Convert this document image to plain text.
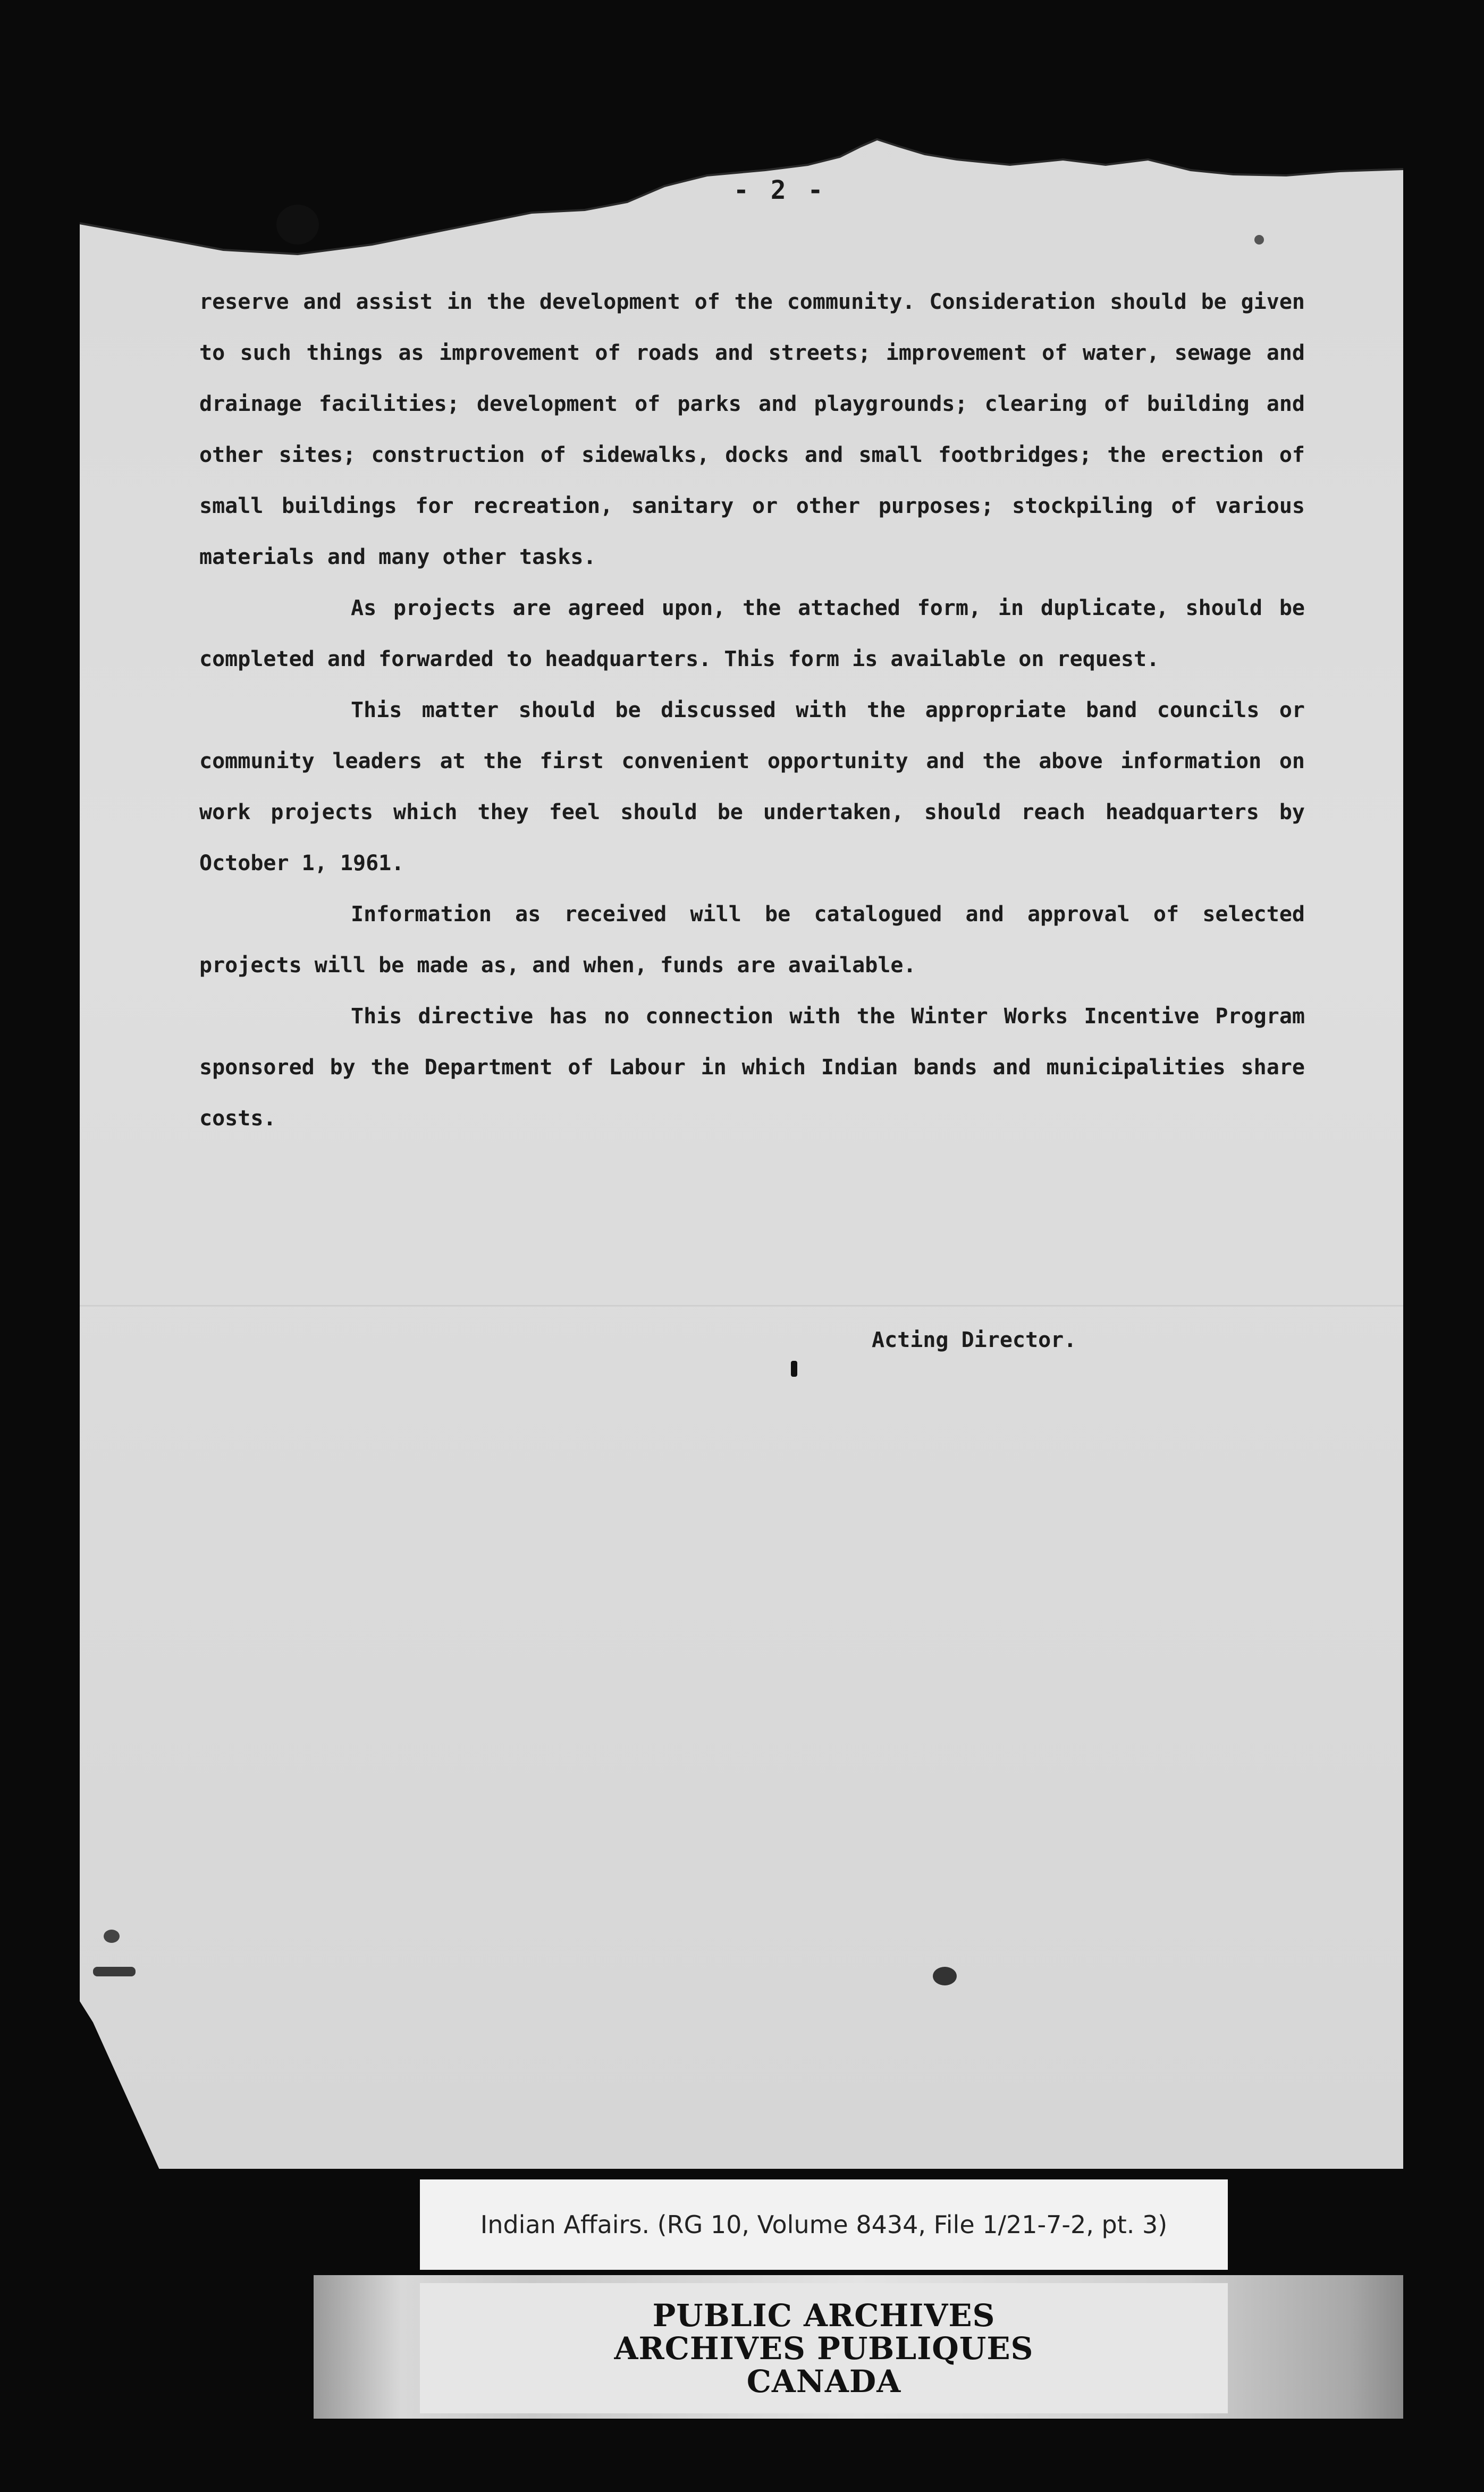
- 2 -

reserve and assist in the development of the community. Consideration should be given to such things as improvement of roads and streets; improvement of water, sewage and drainage facilities; development of parks and playgrounds; clearing of building and other sites; construction of sidewalks, docks and small footbridges; the erection of small buildings for recreation, sanitary or other purposes; stockpiling of various materials and many other tasks.

As projects are agreed upon, the attached form, in duplicate, should be completed and forwarded to headquarters. This form is available on request.

This matter should be discussed with the appropriate band councils or community leaders at the first convenient opportunity and the above information on work projects which they feel should be undertaken, should reach headquarters by October 1, 1961.

Information as received will be catalogued and approval of selected projects will be made as, and when, funds are available.

This directive has no connection with the Winter Works Incentive Program sponsored by the Department of Labour in which Indian bands and municipalities share costs.

Acting Director.
Indian Affairs. (RG 10, Volume 8434, File 1/21-7-2, pt. 3)
PUBLIC ARCHIVES
ARCHIVES PUBLIQUES
CANADA
